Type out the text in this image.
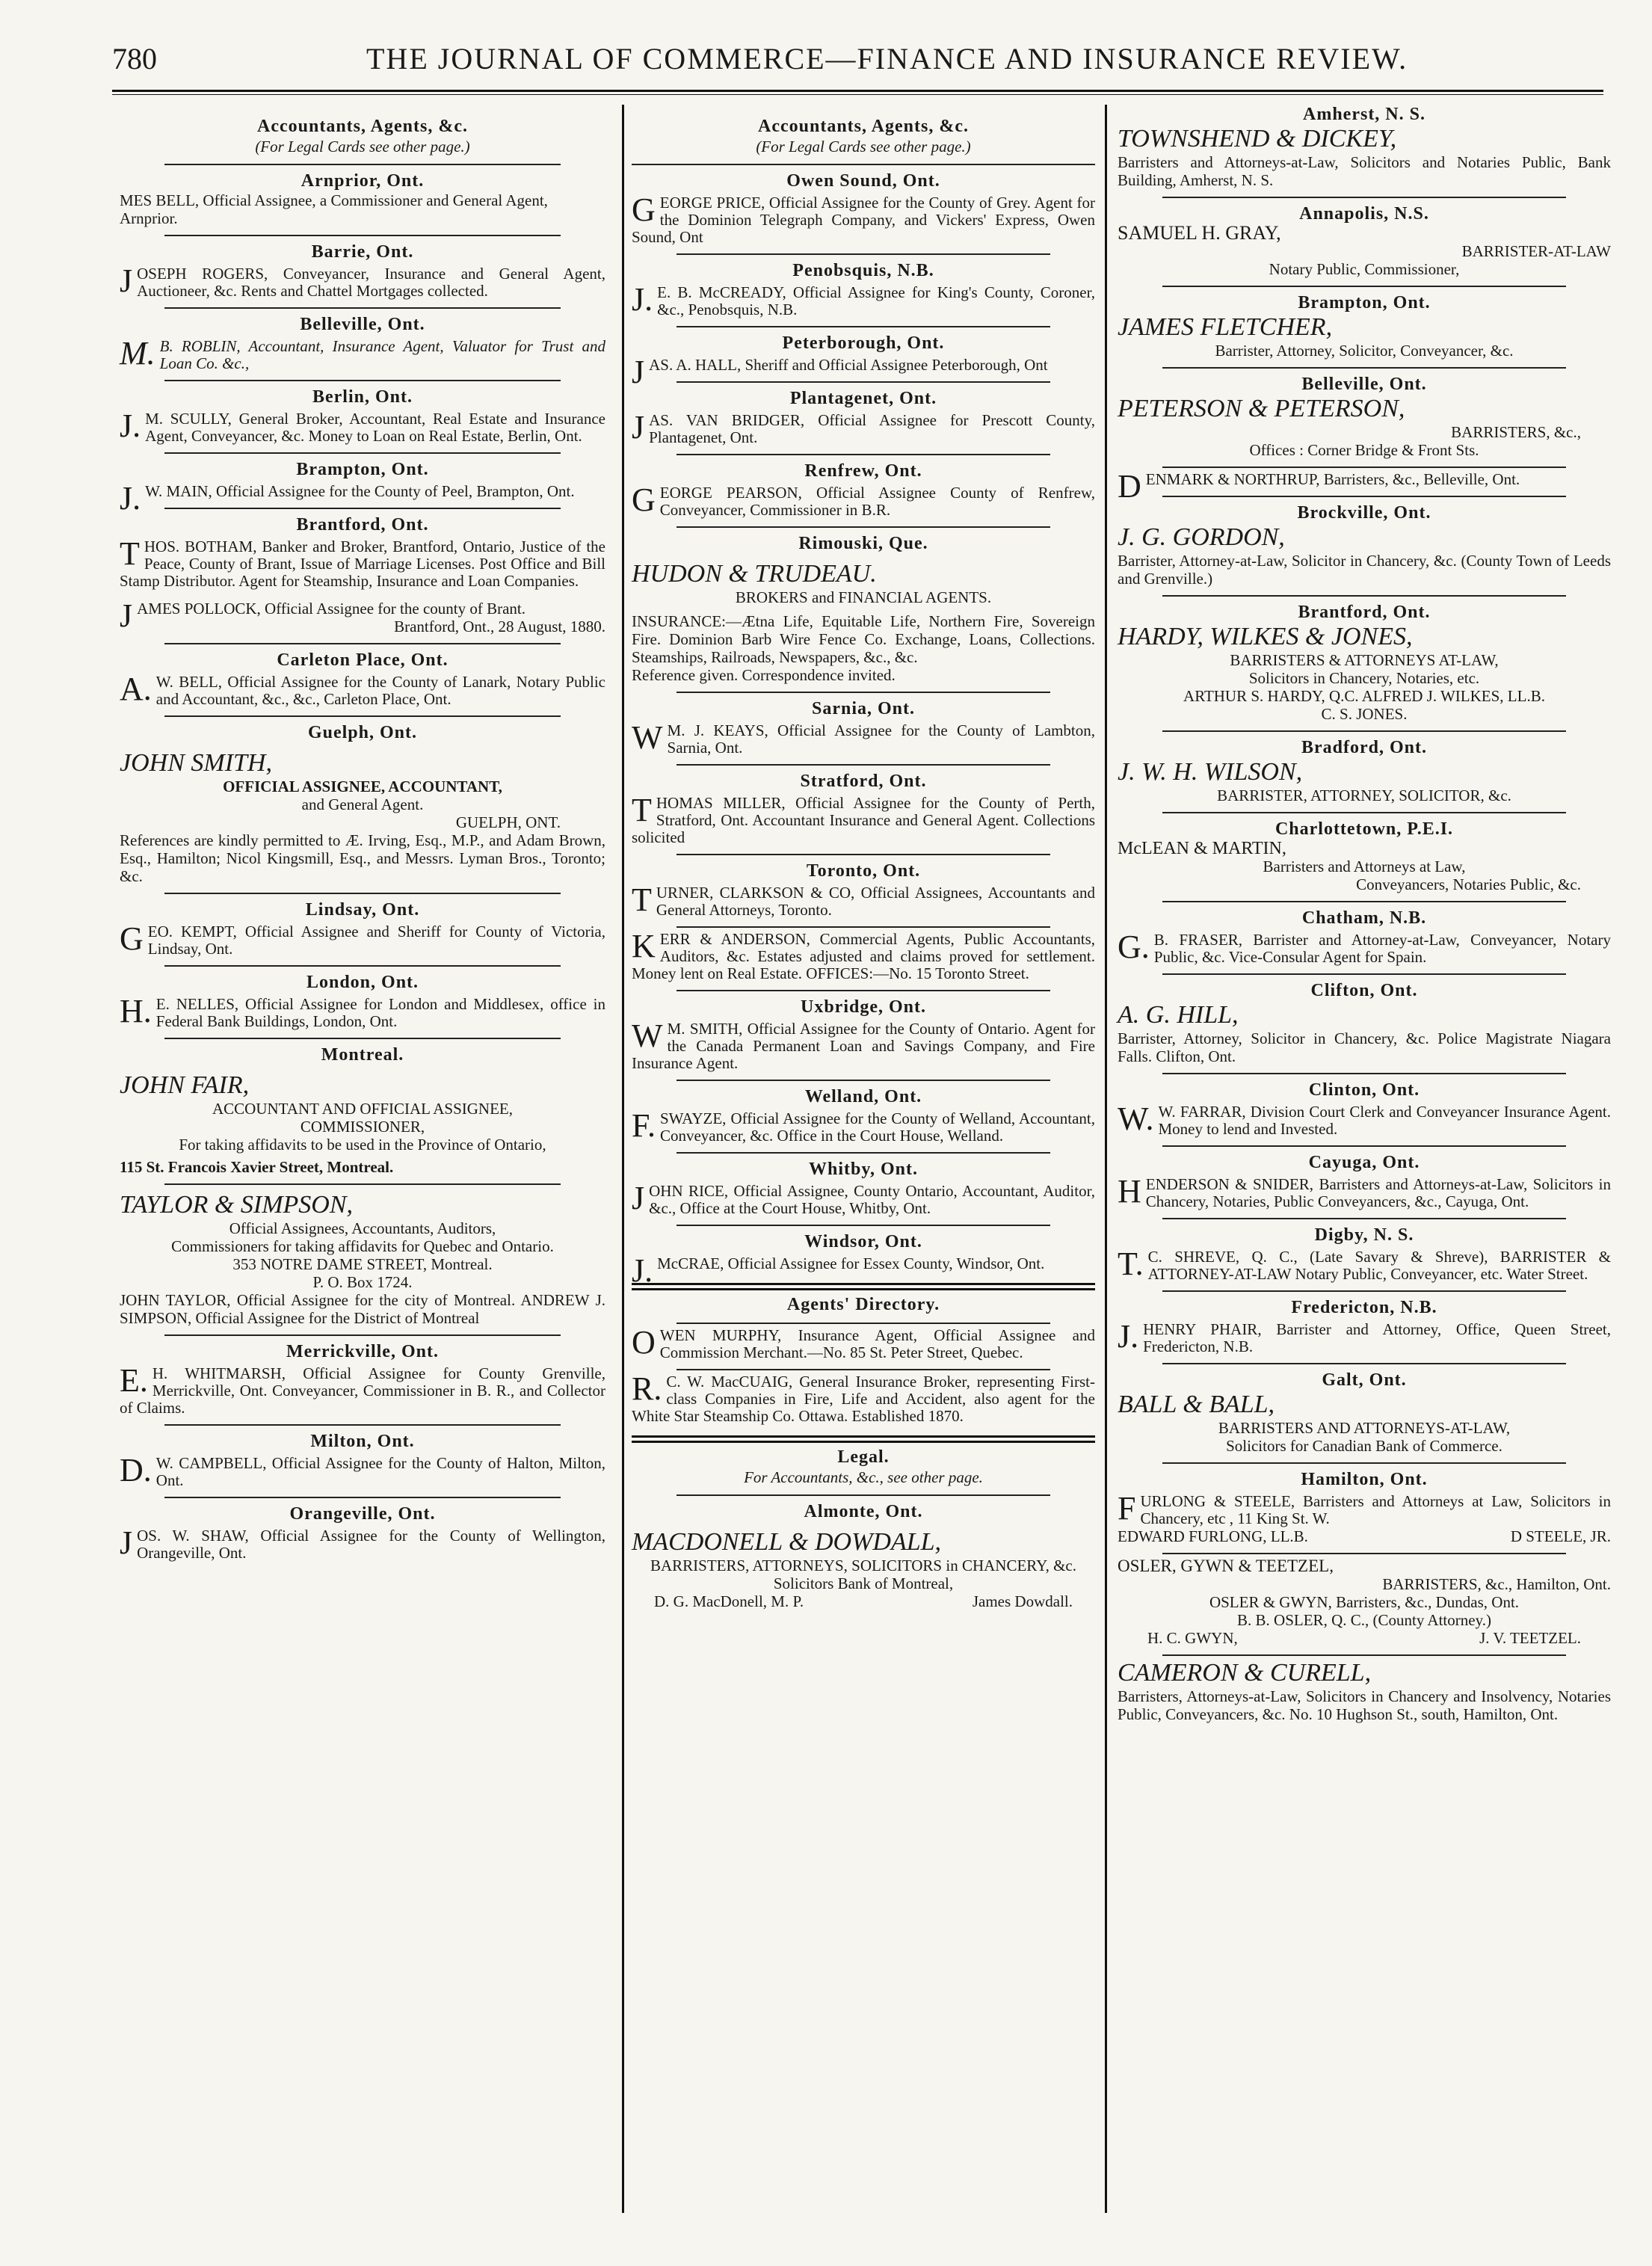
780	THE JOURNAL OF COMMERCE—FINANCE AND INSURANCE REVIEW.
Accountants, Agents, &c.
(For Legal Cards see other page.)
Arnprior, Ont.
MES BELL, Official Assignee, a Commissioner and General Agent, Arnprior.
Barrie, Ont.
JOSEPH ROGERS, Conveyancer, Insurance and General Agent, Auctioneer, &c. Rents and Chattel Mortgages collected.
Belleville, Ont.
M.B. ROBLIN, Accountant, Insurance Agent, Valuator for Trust and Loan Co. &c.,
Berlin, Ont.
J.M. SCULLY, General Broker, Accountant, Real Estate and Insurance Agent, Conveyancer, &c. Money to Loan on Real Estate, Berlin, Ont.
Brampton, Ont.
J.W. MAIN, Official Assignee for the County of Peel, Brampton, Ont.
Brantford, Ont.
THOS. BOTHAM, Banker and Broker, Brantford, Ontario, Justice of the Peace, County of Brant, Issue of Marriage Licenses. Post Office and Bill Stamp Distributor. Agent for Steamship, Insurance and Loan Companies.
JAMES POLLOCK, Official Assignee for the county of Brant.
Brantford, Ont., 28 August, 1880.
Carleton Place, Ont.
A.W. BELL, Official Assignee for the County of Lanark, Notary Public and Accountant, &c., &c., Carleton Place, Ont.
Guelph, Ont.
JOHN SMITH,
OFFICIAL ASSIGNEE, ACCOUNTANT,
and General Agent.
GUELPH, ONT.
References are kindly permitted to Æ. Irving, Esq., M.P., and Adam Brown, Esq., Hamilton; Nicol Kingsmill, Esq., and Messrs. Lyman Bros., Toronto; &c.
Lindsay, Ont.
GEO. KEMPT, Official Assignee and Sheriff for County of Victoria, Lindsay, Ont.
London, Ont.
H.E. NELLES, Official Assignee for London and Middlesex, office in Federal Bank Buildings, London, Ont.
Montreal.
JOHN FAIR,
ACCOUNTANT AND OFFICIAL ASSIGNEE,
COMMISSIONER,
For taking affidavits to be used in the Province of Ontario,
115 St. Francois Xavier Street, Montreal.
TAYLOR & SIMPSON,
Official Assignees, Accountants, Auditors,
Commissioners for taking affidavits for Quebec and Ontario.
353 NOTRE DAME STREET, Montreal.
P. O. Box 1724.
JOHN TAYLOR, Official Assignee for the city of Montreal. ANDREW J. SIMPSON, Official Assignee for the District of Montreal
Merrickville, Ont.
E.H. WHITMARSH, Official Assignee for County Grenville, Merrickville, Ont. Conveyancer, Commissioner in B. R., and Collector of Claims.
Milton, Ont.
D.W. CAMPBELL, Official Assignee for the County of Halton, Milton, Ont.
Orangeville, Ont.
JOS. W. SHAW, Official Assignee for the County of Wellington, Orangeville, Ont.
Accountants, Agents, &c.
(For Legal Cards see other page.)
Owen Sound, Ont.
GEORGE PRICE, Official Assignee for the County of Grey. Agent for the Dominion Telegraph Company, and Vickers' Express, Owen Sound, Ont
Penobsquis, N.B.
J.E. B. McCREADY, Official Assignee for King's County, Coroner, &c., Penobsquis, N.B.
Peterborough, Ont.
JAS. A. HALL, Sheriff and Official Assignee Peterborough, Ont
Plantagenet, Ont.
JAS. VAN BRIDGER, Official Assignee for Prescott County, Plantagenet, Ont.
Renfrew, Ont.
GEORGE PEARSON, Official Assignee County of Renfrew, Conveyancer, Commissioner in B.R.
Rimouski, Que.
HUDON & TRUDEAU.
BROKERS and FINANCIAL AGENTS.
INSURANCE:—Ætna Life, Equitable Life, Northern Fire, Sovereign Fire. Dominion Barb Wire Fence Co. Exchange, Loans, Collections. Steamships, Railroads, Newspapers, &c., &c.
Reference given. Correspondence invited.
Sarnia, Ont.
WM. J. KEAYS, Official Assignee for the County of Lambton, Sarnia, Ont.
Stratford, Ont.
THOMAS MILLER, Official Assignee for the County of Perth, Stratford, Ont. Accountant Insurance and General Agent. Collections solicited
Toronto, Ont.
TURNER, CLARKSON & CO, Official Assignees, Accountants and General Attorneys, Toronto.
KERR & ANDERSON, Commercial Agents, Public Accountants, Auditors, &c. Estates adjusted and claims proved for settlement. Money lent on Real Estate. OFFICES:—No. 15 Toronto Street.
Uxbridge, Ont.
WM. SMITH, Official Assignee for the County of Ontario. Agent for the Canada Permanent Loan and Savings Company, and Fire Insurance Agent.
Welland, Ont.
F.SWAYZE, Official Assignee for the County of Welland, Accountant, Conveyancer, &c. Office in the Court House, Welland.
Whitby, Ont.
JOHN RICE, Official Assignee, County Ontario, Accountant, Auditor, &c., Office at the Court House, Whitby, Ont.
Windsor, Ont.
J.McCRAE, Official Assignee for Essex County, Windsor, Ont.
Agents' Directory.
OWEN MURPHY, Insurance Agent, Official Assignee and Commission Merchant.—No. 85 St. Peter Street, Quebec.
R.C. W. MacCUAIG, General Insurance Broker, representing First-class Companies in Fire, Life and Accident, also agent for the White Star Steamship Co. Ottawa. Established 1870.
Legal.
For Accountants, &c., see other page.
Almonte, Ont.
MACDONELL & DOWDALL,
BARRISTERS, ATTORNEYS, SOLICITORS in CHANCERY, &c. Solicitors Bank of Montreal,
D. G. MacDonell, M. P.	James Dowdall.
Amherst, N. S.
TOWNSHEND & DICKEY,
Barristers and Attorneys-at-Law, Solicitors and Notaries Public, Bank Building, Amherst, N. S.
Annapolis, N.S.
SAMUEL H. GRAY,
BARRISTER-AT-LAW
Notary Public, Commissioner,
Brampton, Ont.
JAMES FLETCHER,
Barrister, Attorney, Solicitor, Conveyancer, &c.
Belleville, Ont.
PETERSON & PETERSON,
BARRISTERS, &c.,
Offices : Corner Bridge & Front Sts.
DENMARK & NORTHRUP, Barristers, &c., Belleville, Ont.
Brockville, Ont.
J. G. GORDON,
Barrister, Attorney-at-Law, Solicitor in Chancery, &c. (County Town of Leeds and Grenville.)
Brantford, Ont.
HARDY, WILKES & JONES,
BARRISTERS & ATTORNEYS AT-LAW,
Solicitors in Chancery, Notaries, etc.
ARTHUR S. HARDY, Q.C. ALFRED J. WILKES, LL.B.
C. S. JONES.
Bradford, Ont.
J. W. H. WILSON,
BARRISTER, ATTORNEY, SOLICITOR, &c.
Charlottetown, P.E.I.
McLEAN & MARTIN,
Barristers and Attorneys at Law,
Conveyancers, Notaries Public, &c.
Chatham, N.B.
G.B. FRASER, Barrister and Attorney-at-Law, Conveyancer, Notary Public, &c. Vice-Consular Agent for Spain.
Clifton, Ont.
A. G. HILL,
Barrister, Attorney, Solicitor in Chancery, &c. Police Magistrate Niagara Falls. Clifton, Ont.
Clinton, Ont.
W.W. FARRAR, Division Court Clerk and Conveyancer Insurance Agent. Money to lend and Invested.
Cayuga, Ont.
HENDERSON & SNIDER, Barristers and Attorneys-at-Law, Solicitors in Chancery, Notaries, Public Conveyancers, &c., Cayuga, Ont.
Digby, N. S.
T.C. SHREVE, Q. C., (Late Savary & Shreve), BARRISTER & ATTORNEY-AT-LAW Notary Public, Conveyancer, etc. Water Street.
Fredericton, N.B.
J.HENRY PHAIR, Barrister and Attorney, Office, Queen Street, Fredericton, N.B.
Galt, Ont.
BALL & BALL,
BARRISTERS AND ATTORNEYS-AT-LAW,
Solicitors for Canadian Bank of Commerce.
Hamilton, Ont.
FURLONG & STEELE, Barristers and Attorneys at Law, Solicitors in Chancery, etc , 11 King St. W.
EDWARD FURLONG, LL.B.	D STEELE, JR.
OSLER, GYWN & TEETZEL,
BARRISTERS, &c., Hamilton, Ont.
OSLER & GWYN, Barristers, &c., Dundas, Ont.
B. B. OSLER, Q. C., (County Attorney.)
H. C. GWYN,	J. V. TEETZEL.
CAMERON & CURELL,
Barristers, Attorneys-at-Law, Solicitors in Chancery and Insolvency, Notaries Public, Conveyancers, &c. No. 10 Hughson St., south, Hamilton, Ont.
